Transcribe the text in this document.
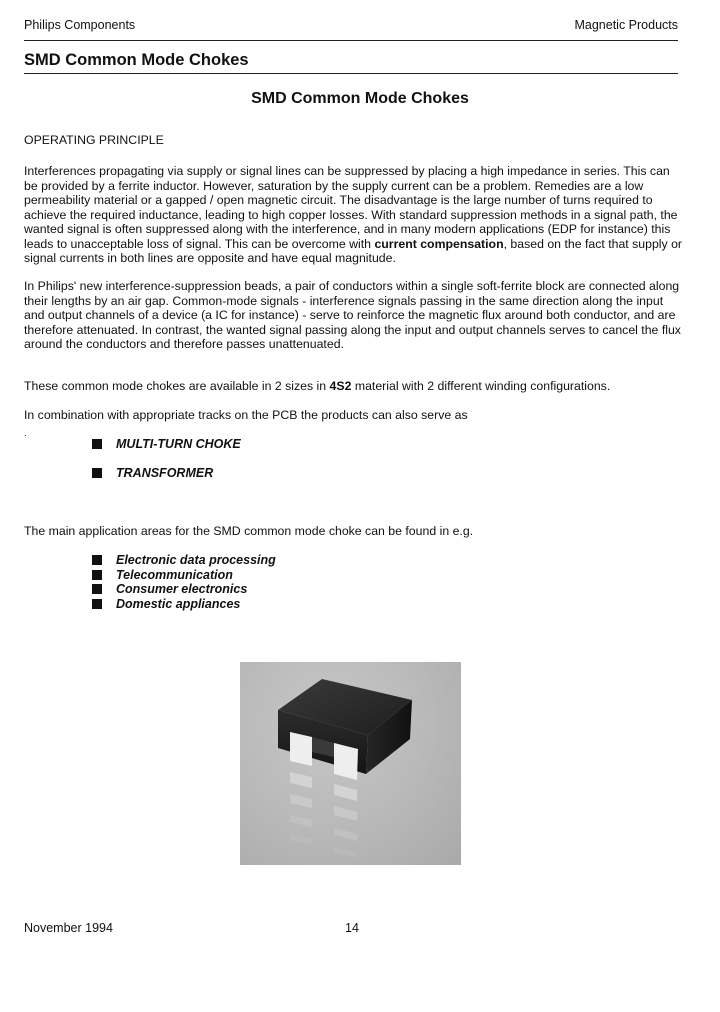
Philips Components	Magnetic Products
SMD Common Mode Chokes
SMD Common Mode Chokes
OPERATING PRINCIPLE
Interferences propagating via supply or signal lines can be suppressed by placing a high impedance in series. This can be provided by a ferrite inductor. However, saturation by the supply current can be a problem. Remedies are a low permeability material or a gapped / open magnetic circuit. The disadvantage is the large number of turns required to achieve the required inductance, leading to high copper losses. With standard suppression methods in a signal path, the wanted signal is often suppressed along with the interference, and in many modern applications (EDP for instance) this leads to unacceptable loss of signal. This can be overcome with current compensation, based on the fact that supply or signal currents in both lines are opposite and have equal magnitude.
In Philips' new interference-suppression beads, a pair of conductors within a single soft-ferrite block are connected along their lengths by an air gap. Common-mode signals - interference signals passing in the same direction along the input and output channels of a device (a IC for instance) - serve to reinforce the magnetic flux around both conductor, and are therefore attenuated. In contrast, the wanted signal passing along the input and output channels serves to cancel the flux around the conductors and therefore passes unattenuated.
These common mode chokes are available in 2 sizes in 4S2 material with 2 different winding configurations.
In combination with appropriate tracks on the PCB the products can also serve as
.
MULTI-TURN CHOKE
TRANSFORMER
The main application areas for the SMD common mode choke can be found in e.g.
Electronic data processing
Telecommunication
Consumer electronics
Domestic appliances
November 1994	14
